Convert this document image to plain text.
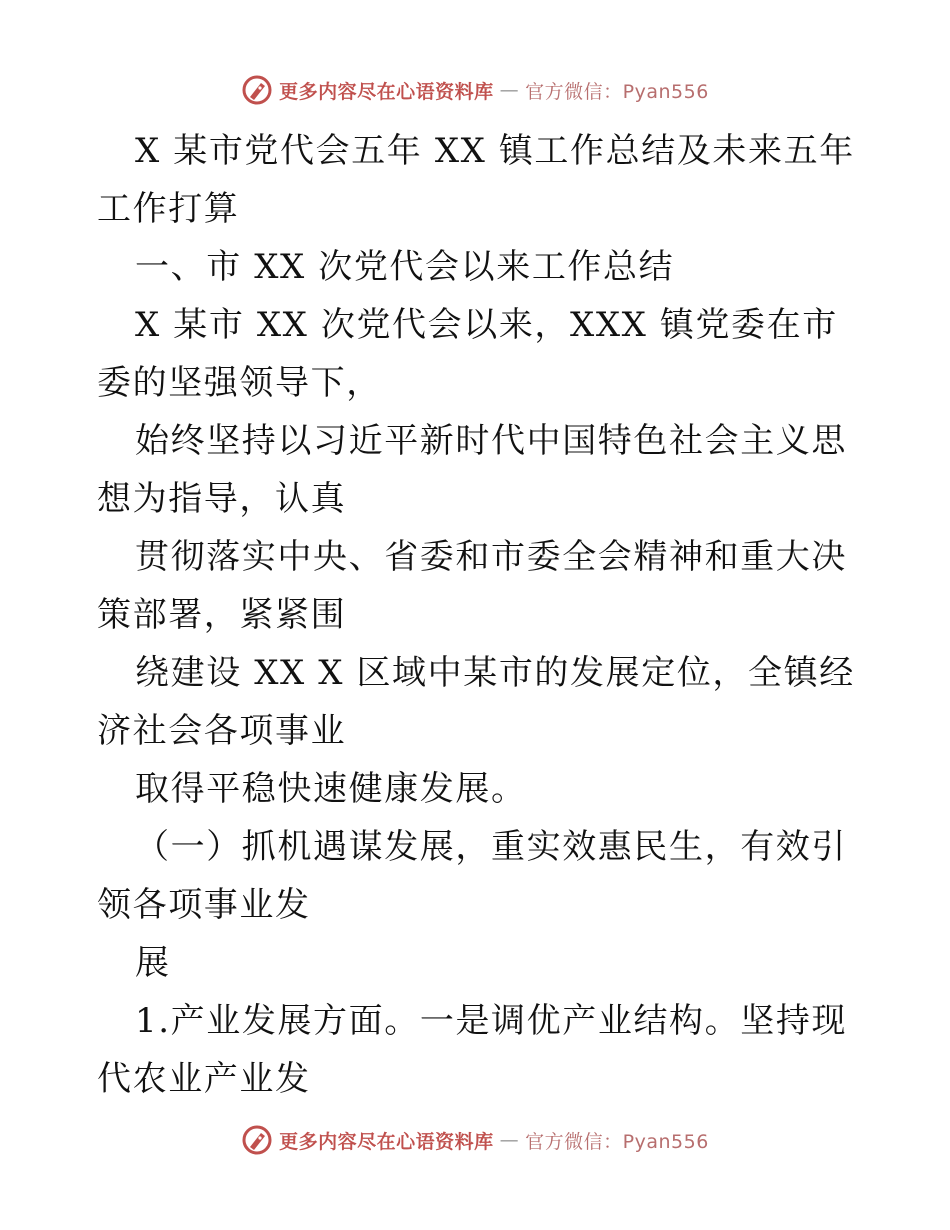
更多内容尽在心语资料库 — 官方微信：Pyan556

X 某市党代会五年 XX 镇工作总结及未来五年工作打算

一、市 XX 次党代会以来工作总结

X 某市 XX 次党代会以来，XXX 镇党委在市委的坚强领导下，

始终坚持以习近平新时代中国特色社会主义思想为指导，认真

贯彻落实中央、省委和市委全会精神和重大决策部署，紧紧围

绕建设 XX X 区域中某市的发展定位，全镇经济社会各项事业

取得平稳快速健康发展。

（一）抓机遇谋发展，重实效惠民生，有效引领各项事业发

展

1.产业发展方面。一是调优产业结构。坚持现代农业产业发

更多内容尽在心语资料库 — 官方微信：Pyan556
